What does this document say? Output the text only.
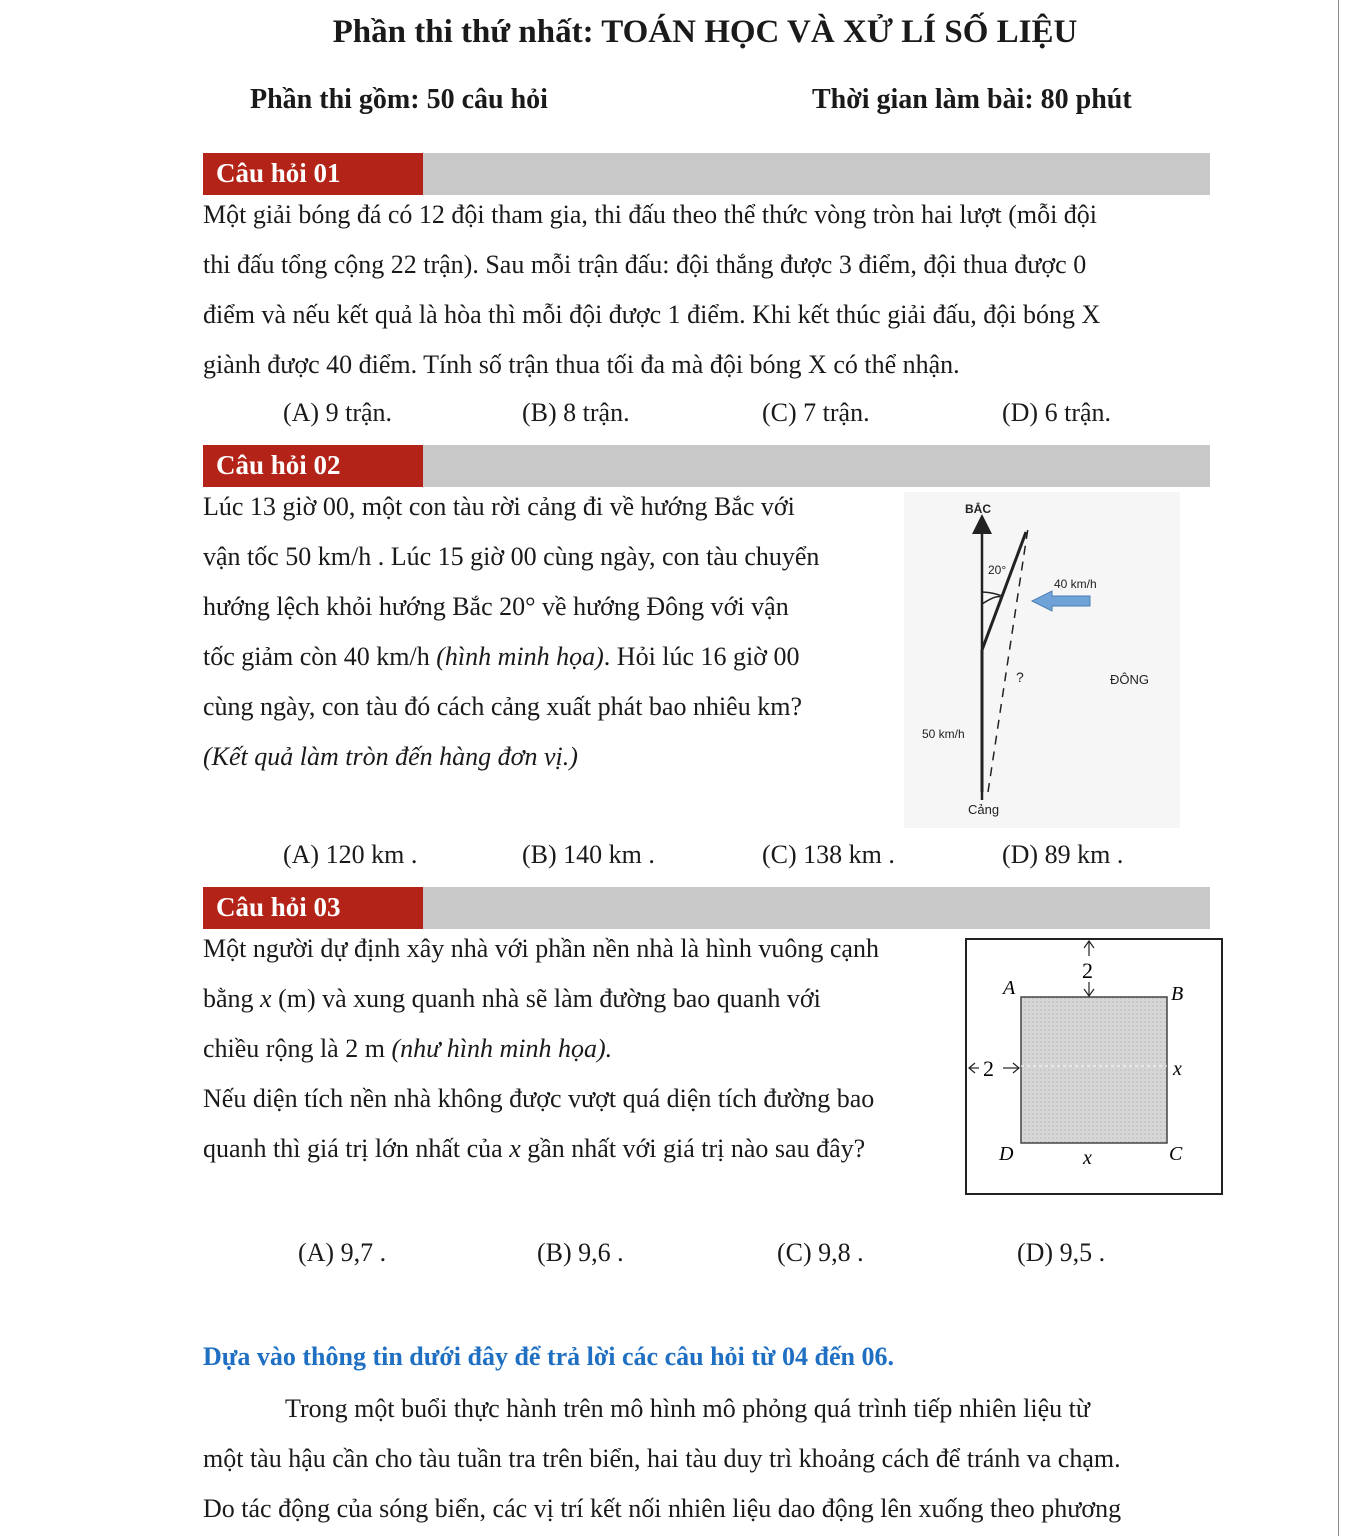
Phần thi thứ nhất: TOÁN HỌC VÀ XỬ LÍ SỐ LIỆU
Phần thi gồm: 50 câu hỏi	Thời gian làm bài: 80 phút
Câu hỏi 01
Một giải bóng đá có 12 đội tham gia, thi đấu theo thể thức vòng tròn hai lượt (mỗi đội
thi đấu tổng cộng 22 trận). Sau mỗi trận đấu: đội thắng được 3 điểm, đội thua được 0
điểm và nếu kết quả là hòa thì mỗi đội được 1 điểm. Khi kết thúc giải đấu, đội bóng X
giành được 40 điểm. Tính số trận thua tối đa mà đội bóng X có thể nhận.
(A) 9 trận.	(B) 8 trận.	(C) 7 trận.	(D) 6 trận.
Câu hỏi 02
Lúc 13 giờ 00, một con tàu rời cảng đi về hướng Bắc với
vận tốc 50 km/h . Lúc 15 giờ 00 cùng ngày, con tàu chuyển
hướng lệch khỏi hướng Bắc 20° về hướng Đông với vận
tốc giảm còn 40 km/h (hình minh họa). Hỏi lúc 16 giờ 00
cùng ngày, con tàu đó cách cảng xuất phát bao nhiêu km?
(Kết quả làm tròn đến hàng đơn vị.)
BẮC
20°
40 km/h
?	ĐÔNG
50 km/h
Cảng
(A) 120 km .	(B) 140 km .	(C) 138 km .	(D) 89 km .
Câu hỏi 03
Một người dự định xây nhà với phần nền nhà là hình vuông cạnh
bằng x (m) và xung quanh nhà sẽ làm đường bao quanh với
chiều rộng là 2 m (như hình minh họa).
Nếu diện tích nền nhà không được vượt quá diện tích đường bao
quanh thì giá trị lớn nhất của x gần nhất với giá trị nào sau đây?
2
2
A	B
C
D
x
x
(A) 9,7 .	(B) 9,6 .	(C) 9,8 .	(D) 9,5 .
Dựa vào thông tin dưới đây để trả lời các câu hỏi từ 04 đến 06.
Trong một buổi thực hành trên mô hình mô phỏng quá trình tiếp nhiên liệu từ
một tàu hậu cần cho tàu tuần tra trên biển, hai tàu duy trì khoảng cách để tránh va chạm.
Do tác động của sóng biển, các vị trí kết nối nhiên liệu dao động lên xuống theo phương
